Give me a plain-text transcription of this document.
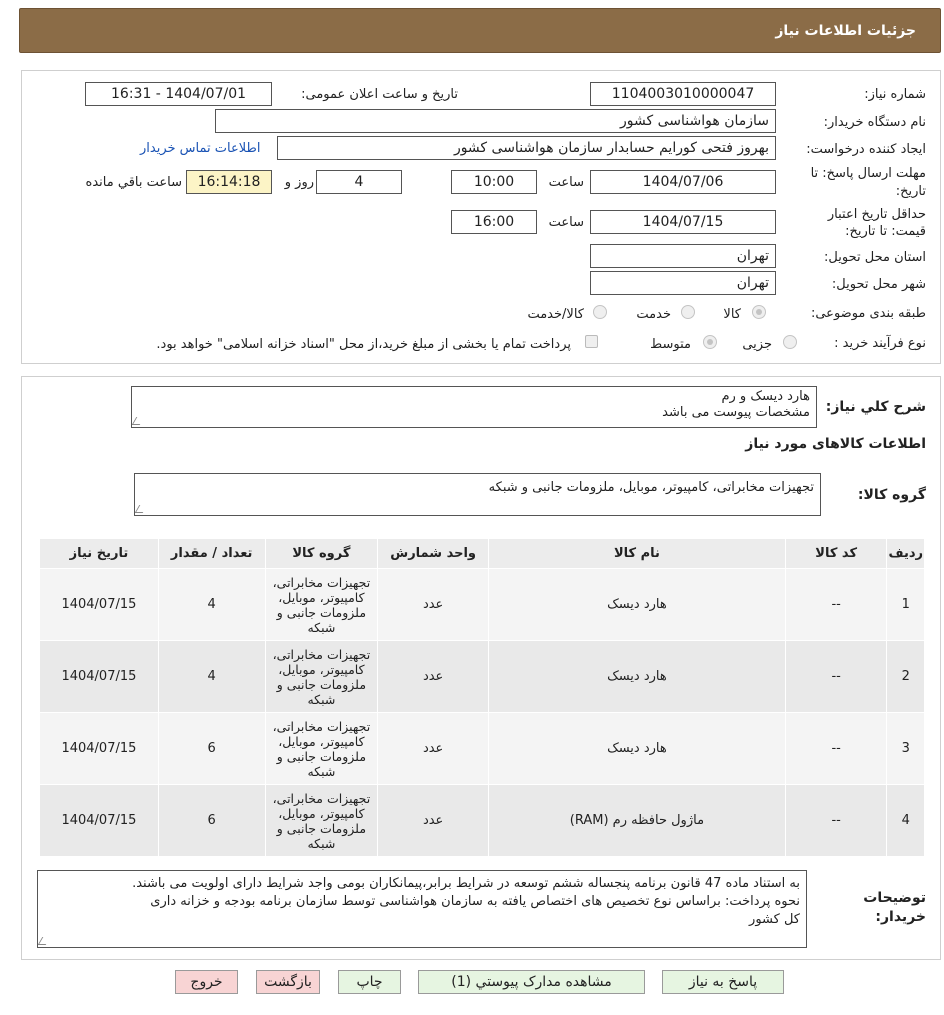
جزئیات اطلاعات نیاز
شماره نیاز:
1104003010000047
تاریخ و ساعت اعلان عمومی:
1404/07/01 - 16:31
نام دستگاه خریدار:
سازمان هواشناسی کشور
ایجاد کننده درخواست:
بهروز فتحی کورایم حسابدار سازمان هواشناسی کشور
اطلاعات تماس خریدار
مهلت ارسال پاسخ: تا
تاریخ:
1404/07/06
ساعت
10:00
4
روز و
16:14:18
ساعت باقي مانده
حداقل تاریخ اعتبار
قیمت: تا تاریخ:
1404/07/15
ساعت
16:00
استان محل تحویل:
تهران
شهر محل تحویل:
تهران
طبقه بندی موضوعی:
کالا
خدمت
کالا/خدمت
نوع فرآیند خرید :
جزیی
متوسط
پرداخت تمام یا بخشی از مبلغ خرید،از محل "اسناد خزانه اسلامی" خواهد بود.
شرح کلي نیاز:
هارد دیسک و رم
مشخصات پیوست می باشد
اطلاعات کالاهای مورد نیاز
گروه کالا:
تجهیزات مخابراتی، کامپیوتر، موبایل، ملزومات جانبی و شبکه
ردیف	کد کالا	نام کالا	واحد شمارش	گروه کالا	تعداد / مقدار	تاریخ نیاز
1	--	هارد دیسک	عدد	تجهیزات مخابراتی، کامپیوتر، موبایل، ملزومات جانبی و شبکه	4	1404/07/15
2	--	هارد دیسک	عدد	تجهیزات مخابراتی، کامپیوتر، موبایل، ملزومات جانبی و شبکه	4	1404/07/15
3	--	هارد دیسک	عدد	تجهیزات مخابراتی، کامپیوتر، موبایل، ملزومات جانبی و شبکه	6	1404/07/15
4	--	ماژول حافظه رم (RAM)	عدد	تجهیزات مخابراتی، کامپیوتر، موبایل، ملزومات جانبی و شبکه	6	1404/07/15
توضیحات
خریدار:
به استناد ماده 47 قانون برنامه پنجساله ششم توسعه در شرایط برابر،پیمانکاران بومی واجد شرایط دارای اولویت می باشند.
نحوه پرداخت: براساس نوع تخصیص های اختصاص یافته به سازمان هواشناسی توسط سازمان برنامه بودجه و خزانه داری
کل کشور
پاسخ به نیاز
مشاهده مدارک پیوستي (1)
چاپ
بازگشت
خروج
